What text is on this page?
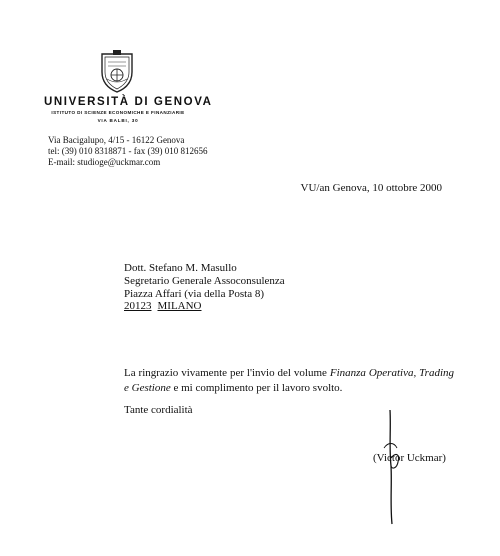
UNIVERSITÀ DI GENOVA
ISTITUTO DI SCIENZE ECONOMICHE E FINANZIARIE
VIA BALBI, 30
Via Bacigalupo, 4/15 - 16122 Genova
tel: (39) 010 8318871 - fax (39) 010 812656
E-mail: studioge@uckmar.com
VU/an Genova, 10 ottobre 2000
Dott. Stefano M. Masullo
Segretario Generale Assoconsulenza
Piazza Affari (via della Posta 8)
20123 MILANO
La ringrazio vivamente per l'invio del volume Finanza Operativa, Trading e Gestione e mi complimento per il lavoro svolto.
Tante cordialità
(Victor Uckmar)
